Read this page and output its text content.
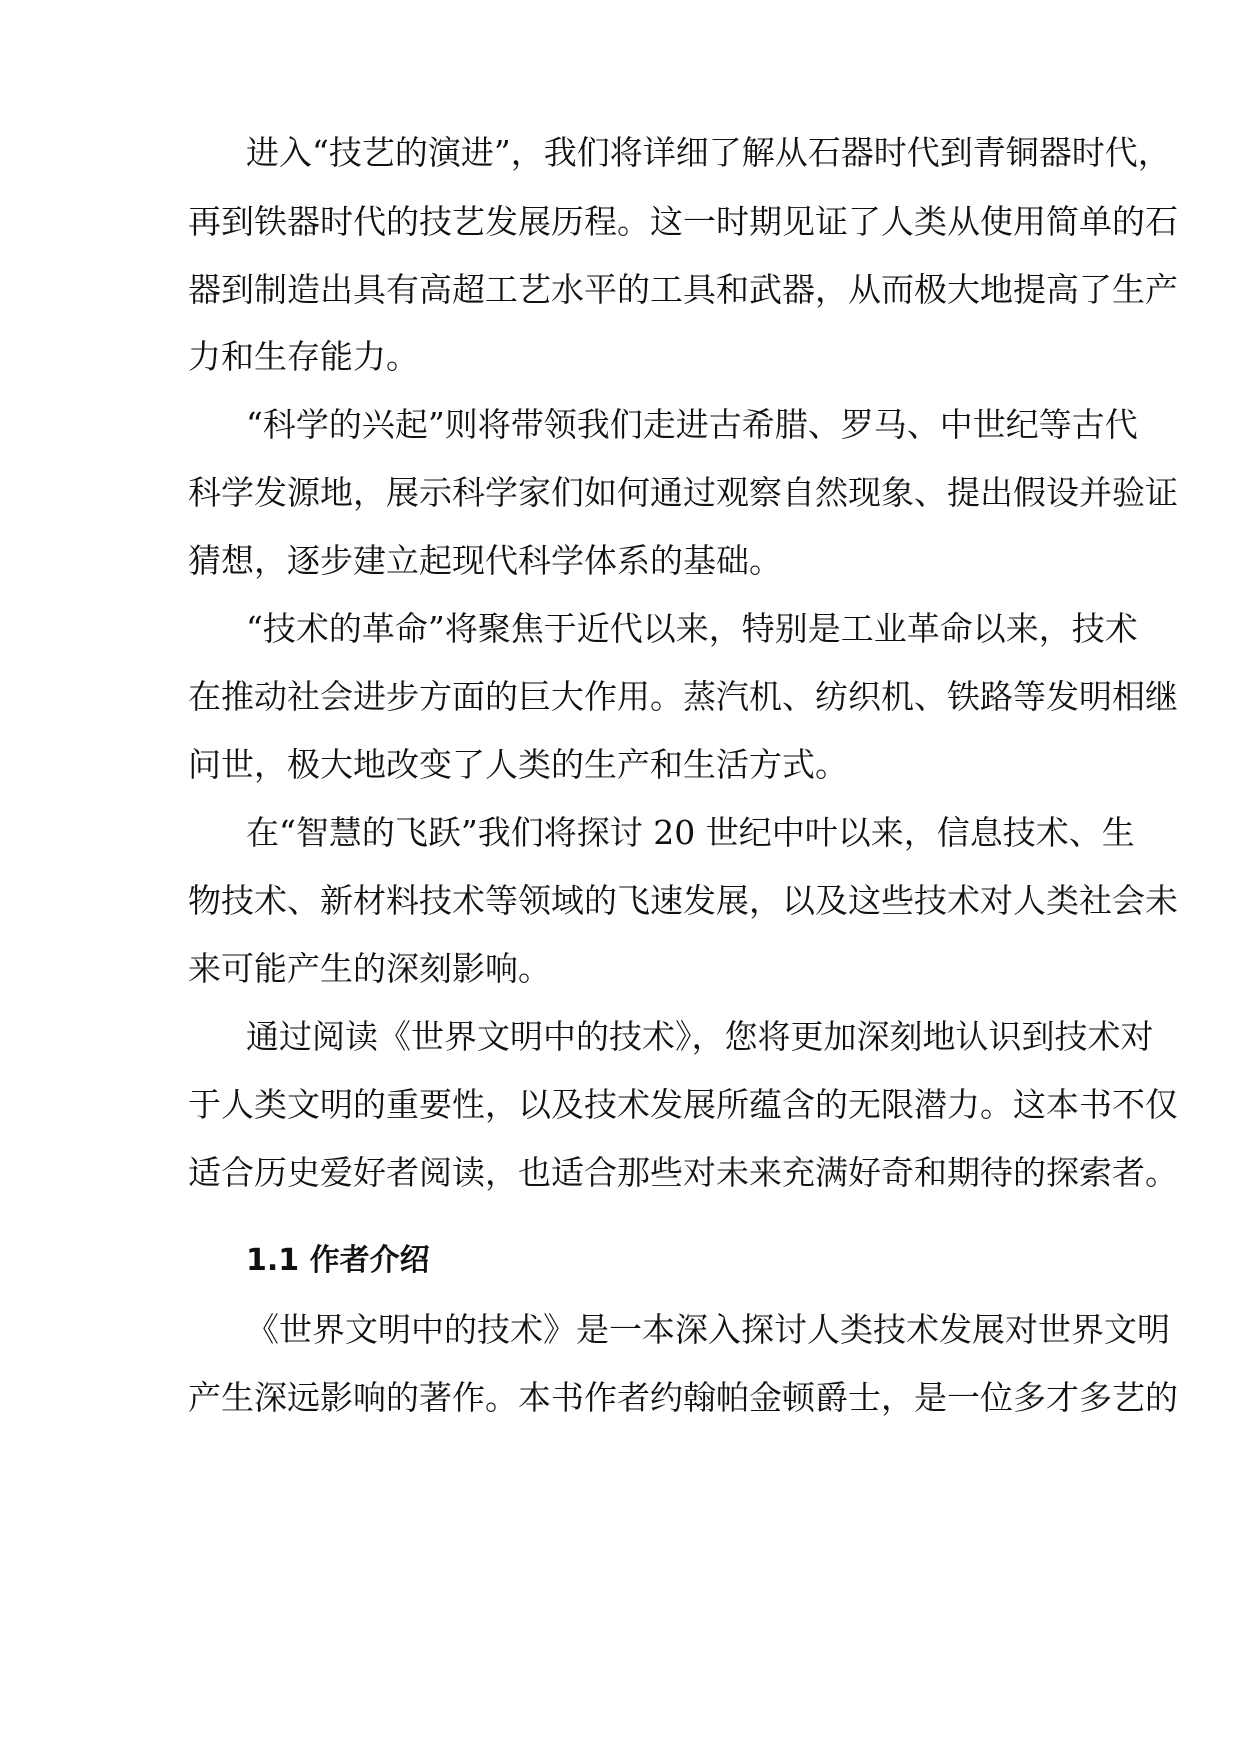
进入“技艺的演进”，我们将详细了解从石器时代到青铜器时代，
再到铁器时代的技艺发展历程。这一时期见证了人类从使用简单的石
器到制造出具有高超工艺水平的工具和武器，从而极大地提高了生产
力和生存能力。
“科学的兴起”则将带领我们走进古希腊、罗马、中世纪等古代
科学发源地，展示科学家们如何通过观察自然现象、提出假设并验证
猜想，逐步建立起现代科学体系的基础。
“技术的革命”将聚焦于近代以来，特别是工业革命以来，技术
在推动社会进步方面的巨大作用。蒸汽机、纺织机、铁路等发明相继
问世，极大地改变了人类的生产和生活方式。
在“智慧的飞跃”我们将探讨 20 世纪中叶以来，信息技术、生
物技术、新材料技术等领域的飞速发展，以及这些技术对人类社会未
来可能产生的深刻影响。
通过阅读《世界文明中的技术》，您将更加深刻地认识到技术对
于人类文明的重要性，以及技术发展所蕴含的无限潜力。这本书不仅
适合历史爱好者阅读，也适合那些对未来充满好奇和期待的探索者。
1.1 作者介绍
《世界文明中的技术》是一本深入探讨人类技术发展对世界文明
产生深远影响的著作。本书作者约翰帕金顿爵士，是一位多才多艺的
